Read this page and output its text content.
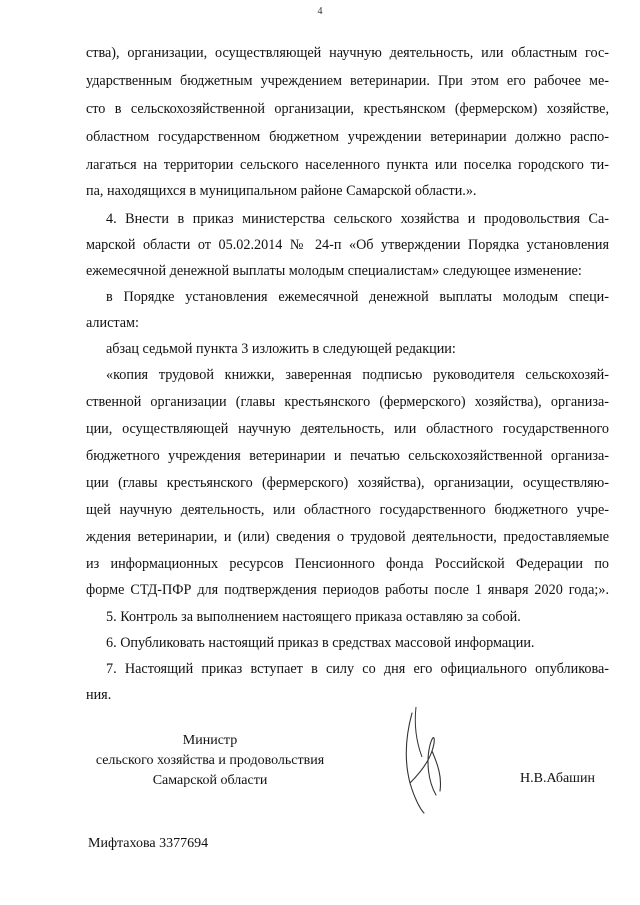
4
ства), организации, осуществляющей научную деятельность, или областным гос-
ударственным бюджетным учреждением ветеринарии. При этом его рабочее ме-
сто в сельскохозяйственной организации, крестьянском (фермерском) хозяйстве,
областном государственном бюджетном учреждении ветеринарии должно распо-
лагаться на территории сельского населенного пункта или поселка городского ти-
па, находящихся в муниципальном районе Самарской области.».
4. Внести в приказ министерства сельского хозяйства и продовольствия Са-
марской области от 05.02.2014 № 24-п «Об утверждении Порядка установления
ежемесячной денежной выплаты молодым специалистам» следующее изменение:
в Порядке установления ежемесячной денежной выплаты молодым специ-
алистам:
абзац седьмой пункта 3 изложить в следующей редакции:
«копия трудовой книжки, заверенная подписью руководителя сельскохозяй-
ственной организации (главы крестьянского (фермерского) хозяйства), организа-
ции, осуществляющей научную деятельность, или областного государственного
бюджетного учреждения ветеринарии и печатью сельскохозяйственной организа-
ции (главы крестьянского (фермерского) хозяйства), организации, осуществляю-
щей научную деятельность, или областного государственного бюджетного учре-
ждения ветеринарии, и (или) сведения о трудовой деятельности, предоставляемые
из информационных ресурсов Пенсионного фонда Российской Федерации по
форме СТД-ПФР для подтверждения периодов работы после 1 января 2020 года;».
5. Контроль за выполнением настоящего приказа оставляю за собой.
6. Опубликовать настоящий приказ в средствах массовой информации.
7. Настоящий приказ вступает в силу со дня его официального опубликова-
ния.
Министр
сельского хозяйства и продовольствия
Самарской области	Н.В.Абашин
Мифтахова 3377694
